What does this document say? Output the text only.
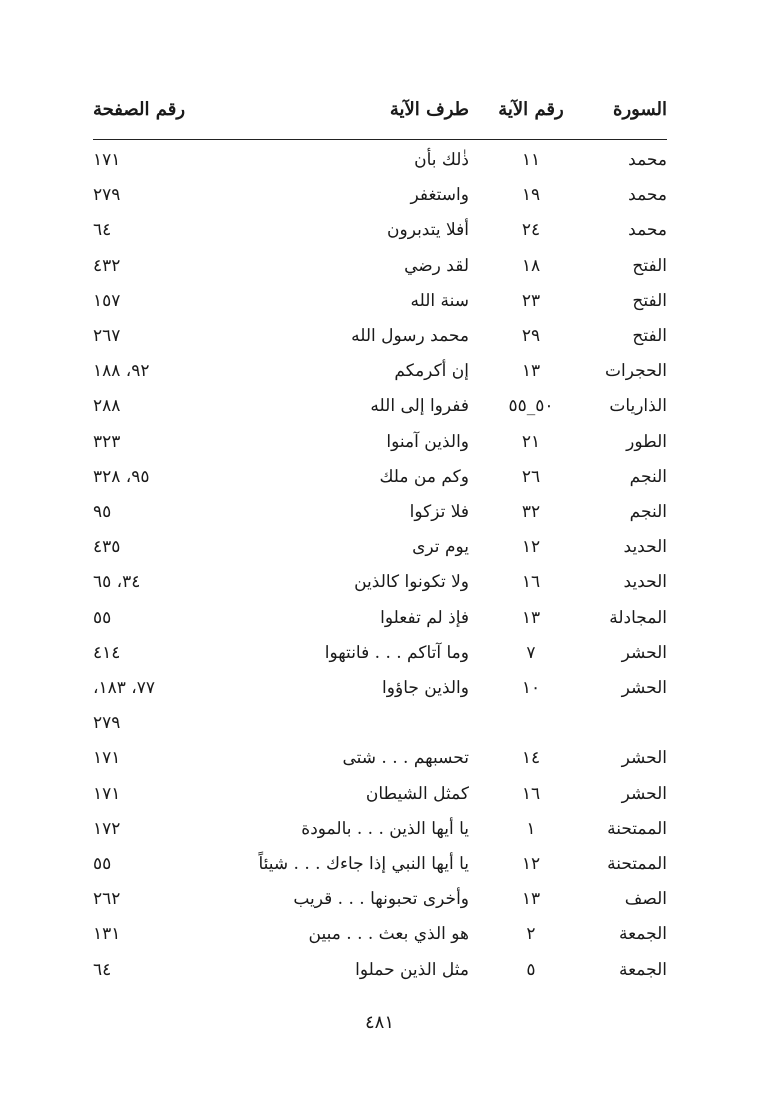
السورة
رقم الآية
طرف الآية
رقم الصفحة
محمد
١١
ذٰلك بأن
١٧١
محمد
١٩
واستغفر
٢٧٩
محمد
٢٤
أفلا يتدبرون
٦٤
الفتح
١٨
لقد رضي
٤٣٢
الفتح
٢٣
سنة الله
١٥٧
الفتح
٢٩
محمد رسول الله
٢٦٧
الحجرات
١٣
إن أكرمكم
٩٢، ١٨٨
الذاريات
٥٠_٥٥
ففروا إلى الله
٢٨٨
الطور
٢١
والذين آمنوا
٣٢٣
النجم
٢٦
وكم من ملك
٩٥، ٣٢٨
النجم
٣٢
فلا تزكوا
٩٥
الحديد
١٢
يوم ترى
٤٣٥
الحديد
١٦
ولا تكونوا كالذين
٣٤، ٦٥
المجادلة
١٣
فإذ لم تفعلوا
٥٥
الحشر
٧
وما آتاكم . . . فانتهوا
٤١٤
الحشر
١٠
والذين جاؤوا
٧٧، ١٨٣،
٢٧٩
الحشر
١٤
تحسبهم . . . شتى
١٧١
الحشر
١٦
كمثل الشيطان
١٧١
الممتحنة
١
يا أيها الذين . . . بالمودة
١٧٢
الممتحنة
١٢
يا أيها النبي إذا جاءك . . . شيئاً
٥٥
الصف
١٣
وأخرى تحبونها . . . قريب
٢٦٢
الجمعة
٢
هو الذي بعث . . . مبين
١٣١
الجمعة
٥
مثل الذين حملوا
٦٤
٤٨١
